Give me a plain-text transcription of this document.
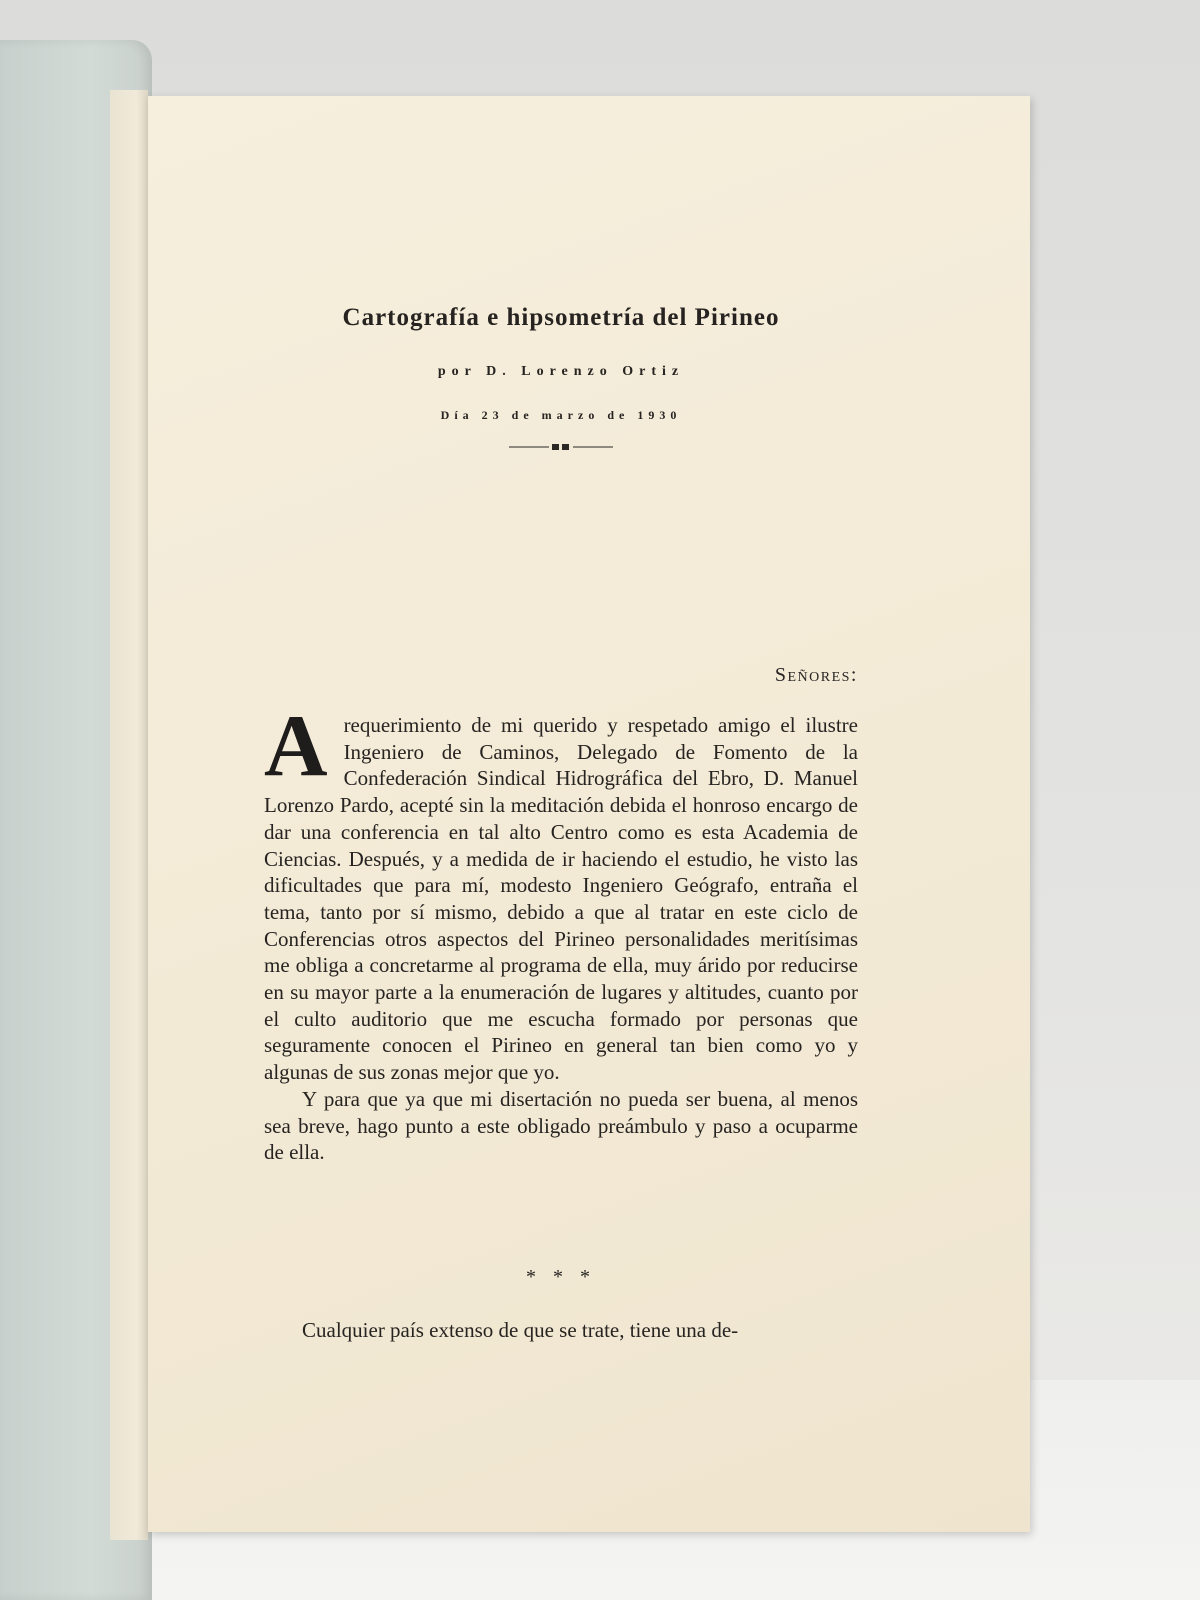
Cartografía e hipsometría del Pirineo
por D. Lorenzo Ortiz
Día 23 de marzo de 1930
Señores:

Arequerimiento de mi querido y respetado amigo el ilustre Ingeniero de Caminos, Delegado de Fomento de la Confederación Sindical Hidrográfica del Ebro, D. Manuel Lorenzo Pardo, acepté sin la meditación debida el honroso encargo de dar una conferencia en tal alto Centro como es esta Academia de Ciencias. Después, y a medida de ir haciendo el estudio, he visto las dificultades que para mí, modesto Ingeniero Geógrafo, entraña el tema, tanto por sí mismo, debido a que al tratar en este ciclo de Conferencias otros aspectos del Pirineo personalidades meritísimas me obliga a concretarme al programa de ella, muy árido por reducirse en su mayor parte a la enumeración de lugares y altitudes, cuanto por el culto auditorio que me escucha formado por personas que seguramente conocen el Pirineo en general tan bien como yo y algunas de sus zonas mejor que yo.

Y para que ya que mi disertación no pueda ser buena, al menos sea breve, hago punto a este obligado preámbulo y paso a ocuparme de ella.

* * *
Cualquier país extenso de que se trate, tiene una de-
